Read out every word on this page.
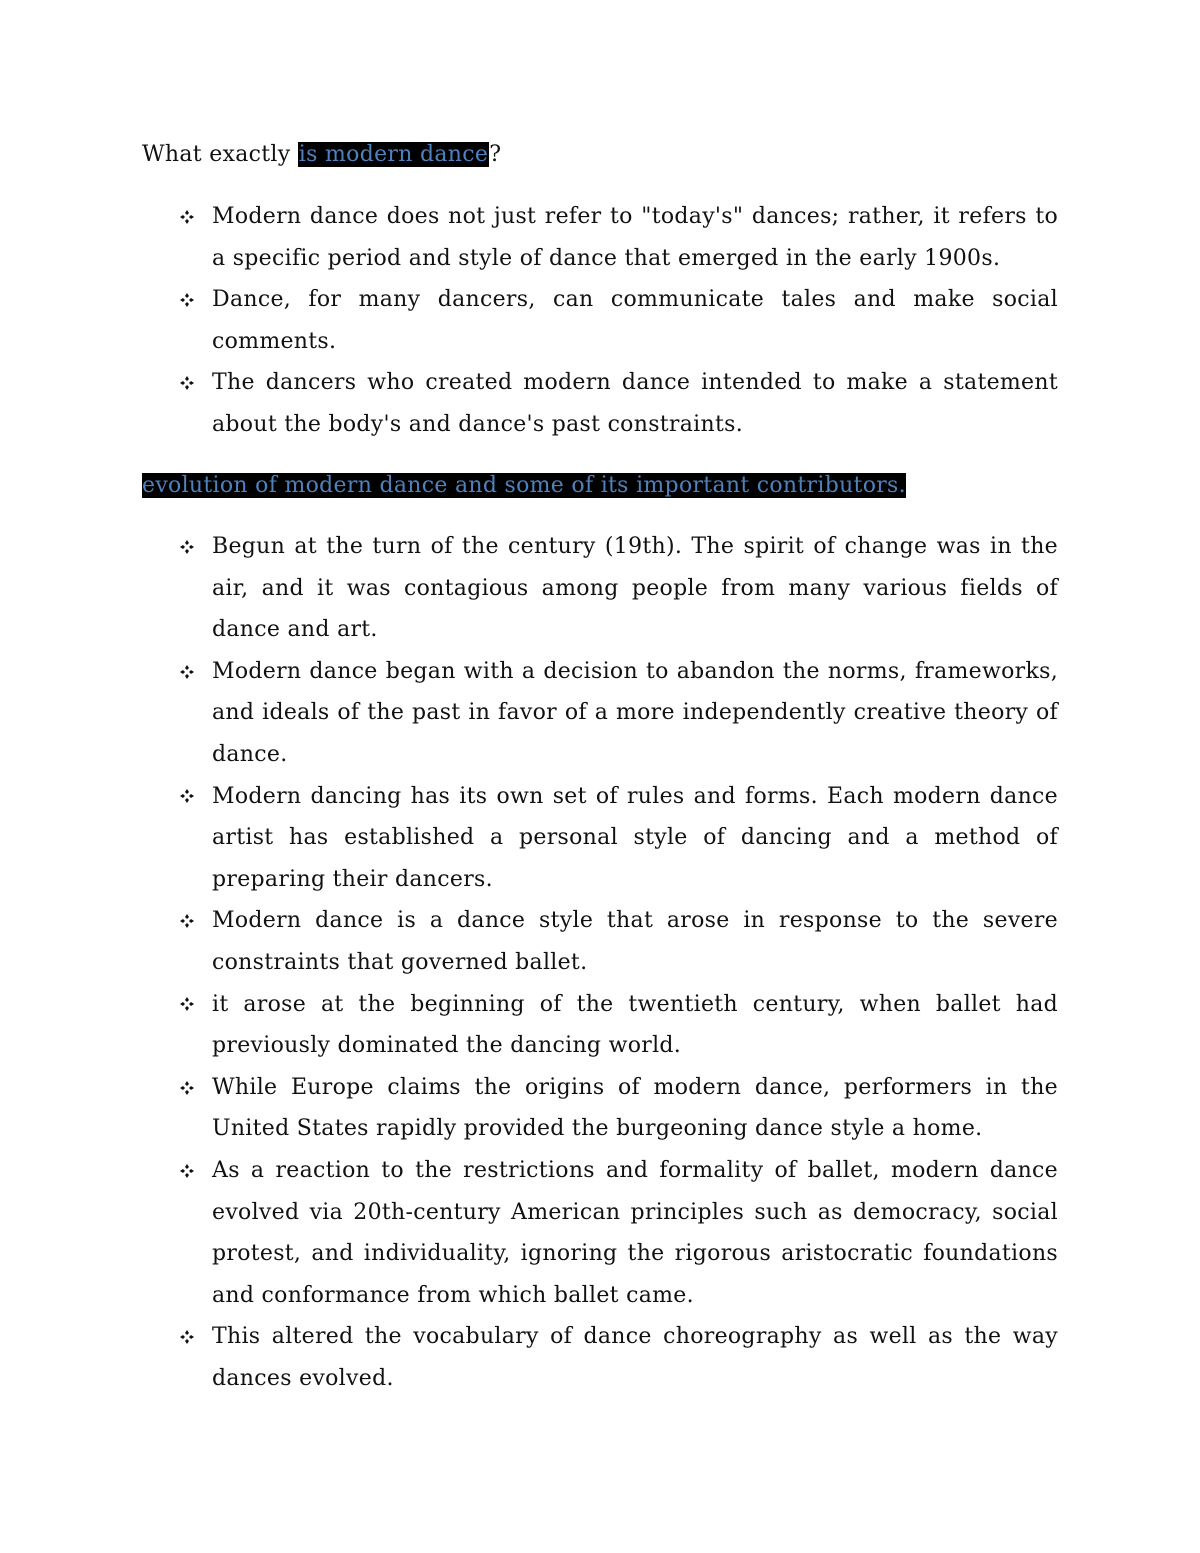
What exactly is modern dance?
Modern dance does not just refer to "today's" dances; rather, it refers to a specific period and style of dance that emerged in the early 1900s.
Dance, for many dancers, can communicate tales and make social comments.
The dancers who created modern dance intended to make a statement about the body's and dance's past constraints.
evolution of modern dance and some of its important contributors.
Begun at the turn of the century (19th). The spirit of change was in the air, and it was contagious among people from many various fields of dance and art.
Modern dance began with a decision to abandon the norms, frameworks, and ideals of the past in favor of a more independently creative theory of dance.
Modern dancing has its own set of rules and forms. Each modern dance artist has established a personal style of dancing and a method of preparing their dancers.
Modern dance is a dance style that arose in response to the severe constraints that governed ballet.
it arose at the beginning of the twentieth century, when ballet had previously dominated the dancing world.
While Europe claims the origins of modern dance, performers in the United States rapidly provided the burgeoning dance style a home.
As a reaction to the restrictions and formality of ballet, modern dance evolved via 20th-century American principles such as democracy, social protest, and individuality, ignoring the rigorous aristocratic foundations and conformance from which ballet came.
This altered the vocabulary of dance choreography as well as the way dances evolved.
